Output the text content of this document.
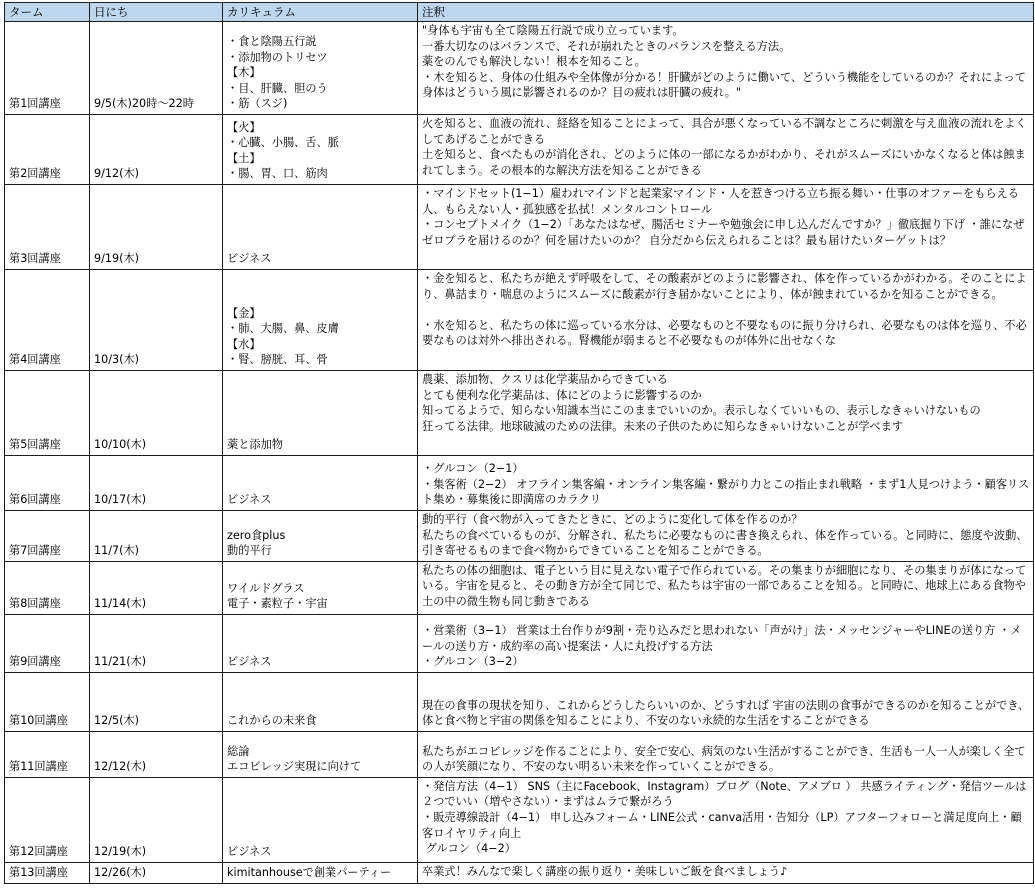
ターム	日にち	カリキュラム	注釈
第1回講座	9/5(木)20時〜22時	・食と陰陽五行説
・添加物のトリセツ
【木】
・目、肝臓、胆のう
・筋（スジ)	"身体も宇宙も全て陰陽五行説で成り立っています。
一番大切なのはバランスで、それが崩れたときのバランスを整える方法。
薬をのんでも解決しない！根本を知ること。
・木を知ると、身体の仕組みや全体像が分かる！肝臓がどのように働いて、どういう機能をしているのか？それによって身体はどういう風に影響されるのか？目の疲れは肝臓の疲れ。"
第2回講座	9/12(木)	【火】
・心臓、小腸、舌、脈
【土】
・腸、胃、口、筋肉	火を知ると、血液の流れ、経絡を知ることによって、具合が悪くなっている不調なところに刺激を与え血液の流れをよくしてあげることができる
土を知ると、食べたものが消化され、どのように体の一部になるかがわかり、それがスムーズにいかなくなると体は蝕まれてしまう。その根本的な解決方法を知ることができる
第3回講座	9/19(木)	ビジネス	・マインドセット(1−1）雇われマインドと起業家マインド・人を惹きつける立ち振る舞い・仕事のオファーをもらえる人、もらえない人・孤独感を払拭！メンタルコントロール
・コンセプトメイク（1−2）「あなたはなぜ、腸活セミナーや勉強会に申し込んだんですか？」徹底掘り下げ ・誰になぜゼロプラを届けるのか？何を届けたいのか？ 自分だから伝えられることは？最も届けたいターゲットは？
第4回講座	10/3(木)	【金】
・肺、大腸、鼻、皮膚
【水】
・腎、膀胱、耳、骨	・金を知ると、私たちが絶えず呼吸をして、その酸素がどのように影響され、体を作っているかがわかる。そのことにより、鼻詰まり・喘息のようにスムーズに酸素が行き届かないことにより、体が蝕まれているかを知ることができる。

・水を知ると、私たちの体に巡っている水分は、必要なものと不要なものに振り分けられ、必要なものは体を巡り、不必要なものは対外へ排出される。腎機能が弱まると不必要なものが体外に出せなくな
第5回講座	10/10(木)	薬と添加物	農薬、添加物、クスリは化学薬品からできている
とても便利な化学薬品は、体にどのように影響するのか
知ってるようで、知らない知識本当にこのままでいいのか。表示しなくていいもの、表示しなきゃいけないもの
狂ってる法律。地球破滅のための法律。未来の子供のために知らなきゃいけないことが学べます
第6回講座	10/17(木)	ビジネス	・グルコン（2−1）
・集客術（2−2） オフライン集客編・オンライン集客編・繋がり力とこの指止まれ戦略 ・まず1人見つけよう・顧客リスト集め・募集後に即満席のカラクリ
第7回講座	11/7(木)	zero食plus
動的平行	動的平行（食べ物が入ってきたときに、どのように変化して体を作るのか？
私たちの食べているものが、分解され、私たちに必要なものに書き換えられ、体を作っている。と同時に、態度や波動、引き寄せるものまで食べ物からできていることを知ることができる。
第8回講座	11/14(木)	ワイルドグラス
電子・素粒子・宇宙	私たちの体の細胞は、電子という目に見えない電子で作られている。その集まりが細胞になり、その集まりが体になっている。宇宙を見ると、その動き方が全て同じで、私たちは宇宙の一部であることを知る。と同時に、地球上にある食物や土の中の微生物も同じ動きである
第9回講座	11/21(木)	ビジネス	・営業術（3−1） 営業は土台作りが9割・売り込みだと思われない「声がけ」法・メッセンジャーやLINEの送り方 ・メールの送り方・成約率の高い提案法・人に丸投げする方法
・グルコン（3−2）
第10回講座	12/5(木)	これからの未来食	現在の食事の現状を知り、これからどうしたらいいのか、どうすれば 宇宙の法則の食事ができるのかを知ることができ、体と食べ物と宇宙の関係を知ることにより、不安のない永続的な生活をすることができる
第11回講座	12/12(木)	総論
エコビレッジ実現に向けて	私たちがエコビレッジを作ることにより、安全で安心、病気のない生活がすることができ、生活も一人一人が楽しく全ての人が笑顔になり、不安のない明るい未来を作っていくことができる。
第12回講座	12/19(木)	ビジネス	・発信方法（4−1） SNS（主にFacebook、Instagram）ブログ（Note、アメブロ ） 共感ライティング・発信ツールは２つでいい（増やさない）・まずはムラで繋がろう
・販売導線設計（4−1） 申し込みフォーム・LINE公式・canva活用・告知分（LP）アフターフォローと満足度向上・顧客ロイヤリティ向上
グルコン（4−2）
第13回講座	12/26(木)	kimitanhouseで創業パーティー	卒業式！みんなで楽しく講座の振り返り・美味しいご飯を食べましょう♪
